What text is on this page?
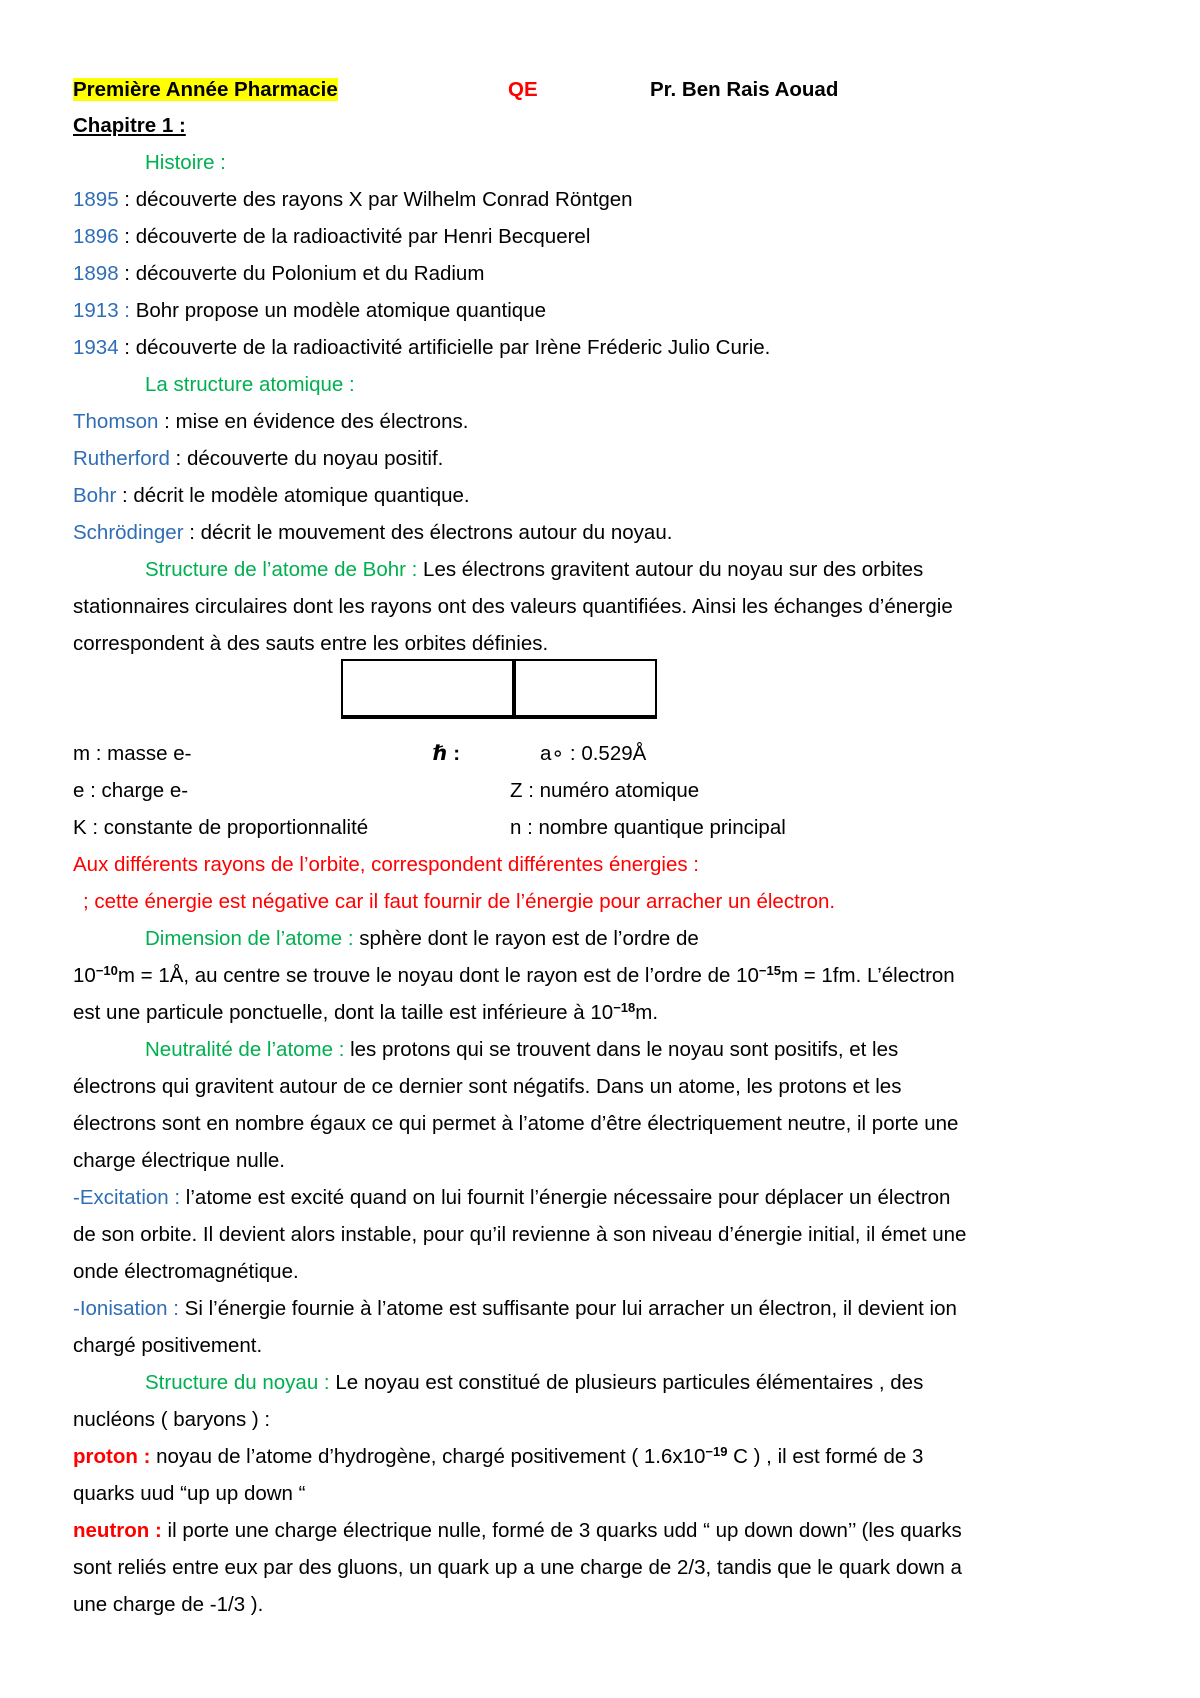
Première Année Pharmacie	QE	Pr. Ben Rais Aouad
Chapitre 1 :
Histoire :
1895 : découverte des rayons X par Wilhelm Conrad Röntgen
1896 : découverte de la radioactivité par Henri Becquerel
1898 : découverte du Polonium et du Radium
1913 : Bohr propose un modèle atomique quantique
1934 : découverte de la radioactivité artificielle par Irène Fréderic Julio Curie.
La structure atomique :
Thomson : mise en évidence des électrons.
Rutherford : découverte du noyau positif.
Bohr : décrit le modèle atomique quantique.
Schrödinger : décrit le mouvement des électrons autour du noyau.
Structure de l’atome de Bohr : Les électrons gravitent autour du noyau sur des orbites
stationnaires circulaires dont les rayons ont des valeurs quantifiées. Ainsi les échanges d’énergie
correspondent à des sauts entre les orbites définies.
m : masse e-	ℏ :	a∘ : 0.529Å
e : charge e-	Z : numéro atomique
K : constante de proportionnalité	n : nombre quantique principal
Aux différents rayons de l’orbite, correspondent différentes énergies :
; cette énergie est négative car il faut fournir de l’énergie pour arracher un électron.
Dimension de l’atome : sphère dont le rayon est de l’ordre de
$10^{-10}m$ = 1Å, au centre se trouve le noyau dont le rayon est de l’ordre de $10^{-15}m = 1fm$. L’électron
est une particule ponctuelle, dont la taille est inférieure à $10^{-18}m$.
Neutralité de l’atome : les protons qui se trouvent dans le noyau sont positifs, et les
électrons qui gravitent autour de ce dernier sont négatifs. Dans un atome, les protons et les
électrons sont en nombre égaux ce qui permet à l’atome d’être électriquement neutre, il porte une
charge électrique nulle.
-Excitation : l’atome est excité quand on lui fournit l’énergie nécessaire pour déplacer un électron
de son orbite. Il devient alors instable, pour qu’il revienne à son niveau d’énergie initial, il émet une
onde électromagnétique.
-Ionisation : Si l’énergie fournie à l’atome est suffisante pour lui arracher un électron, il devient ion
chargé positivement.
Structure du noyau : Le noyau est constitué de plusieurs particules élémentaires , des
nucléons ( baryons ) :
proton : noyau de l’atome d’hydrogène, chargé positivement ( $1.6x10^{-19}$ C ) , il est formé de 3
quarks uud “up up down “
neutron : il porte une charge électrique nulle, formé de 3 quarks udd “ up down down’’ (les quarks
sont reliés entre eux par des gluons, un quark up a une charge de 2/3, tandis que le quark down a
une charge de -1/3 ).
